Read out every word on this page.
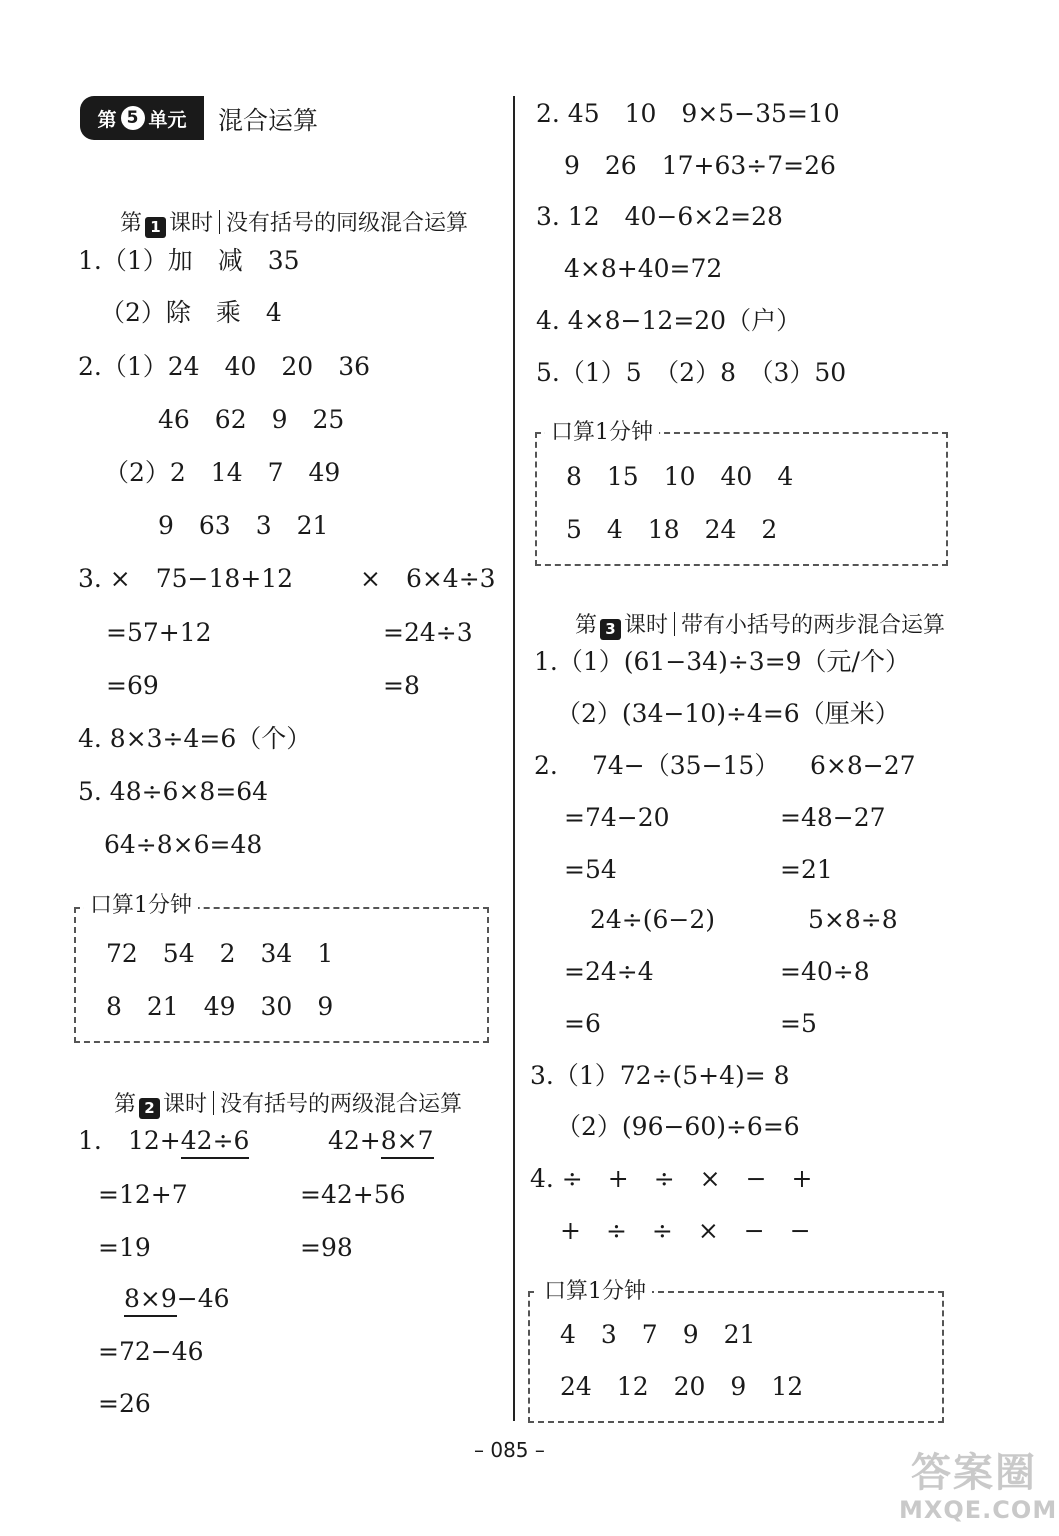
第 5 单元 混合运算

第 1 课时 没有括号的同级混合运算

1.（1）加　减　35
（2）除　乘　4
2.（1）24　40　20　36
46　62　9　25
（2）2　14　7　49
9　63　3　21
3. ×　75−18+12
=57+12
=69
×　6×4÷3
=24÷3
=8
4. 8×3÷4=6（个）
5. 48÷6×8=64
64÷8×6=48
口算1分钟
72　54　2　34　1
8　21　49　30　9

第 2 课时 没有括号的两级混合运算

1. 12+42÷6
=12+7
=19
42+8×7
=42+56
=98
8×9−46
=72−46
=26
2. 45　10　9×5−35=10
9　26　17+63÷7=26
3. 12　40−6×2=28
4×8+40=72
4. 4×8−12=20（户）
5.（1）5　（2）8　（3）50
口算1分钟
8　15　10　40　4
5　4　18　24　2

第 3 课时 带有小括号的两步混合运算

1.（1）(61−34)÷3=9（元/个）
（2）(34−10)÷4=6（厘米）
2. 74−（35−15）
=74−20
=54
6×8−27
=48−27
=21
24÷(6−2)
=24÷4
=6
5×8÷8
=40÷8
=5
3.（1）72÷(5+4)= 8
（2）(96−60)÷6=6
4. ÷　+　÷　×　−　+
+　÷　÷　×　−　−
口算1分钟
4　3　7　9　21
24　12　20　9　12
– 085 –	答案圈
MXQE.COM
